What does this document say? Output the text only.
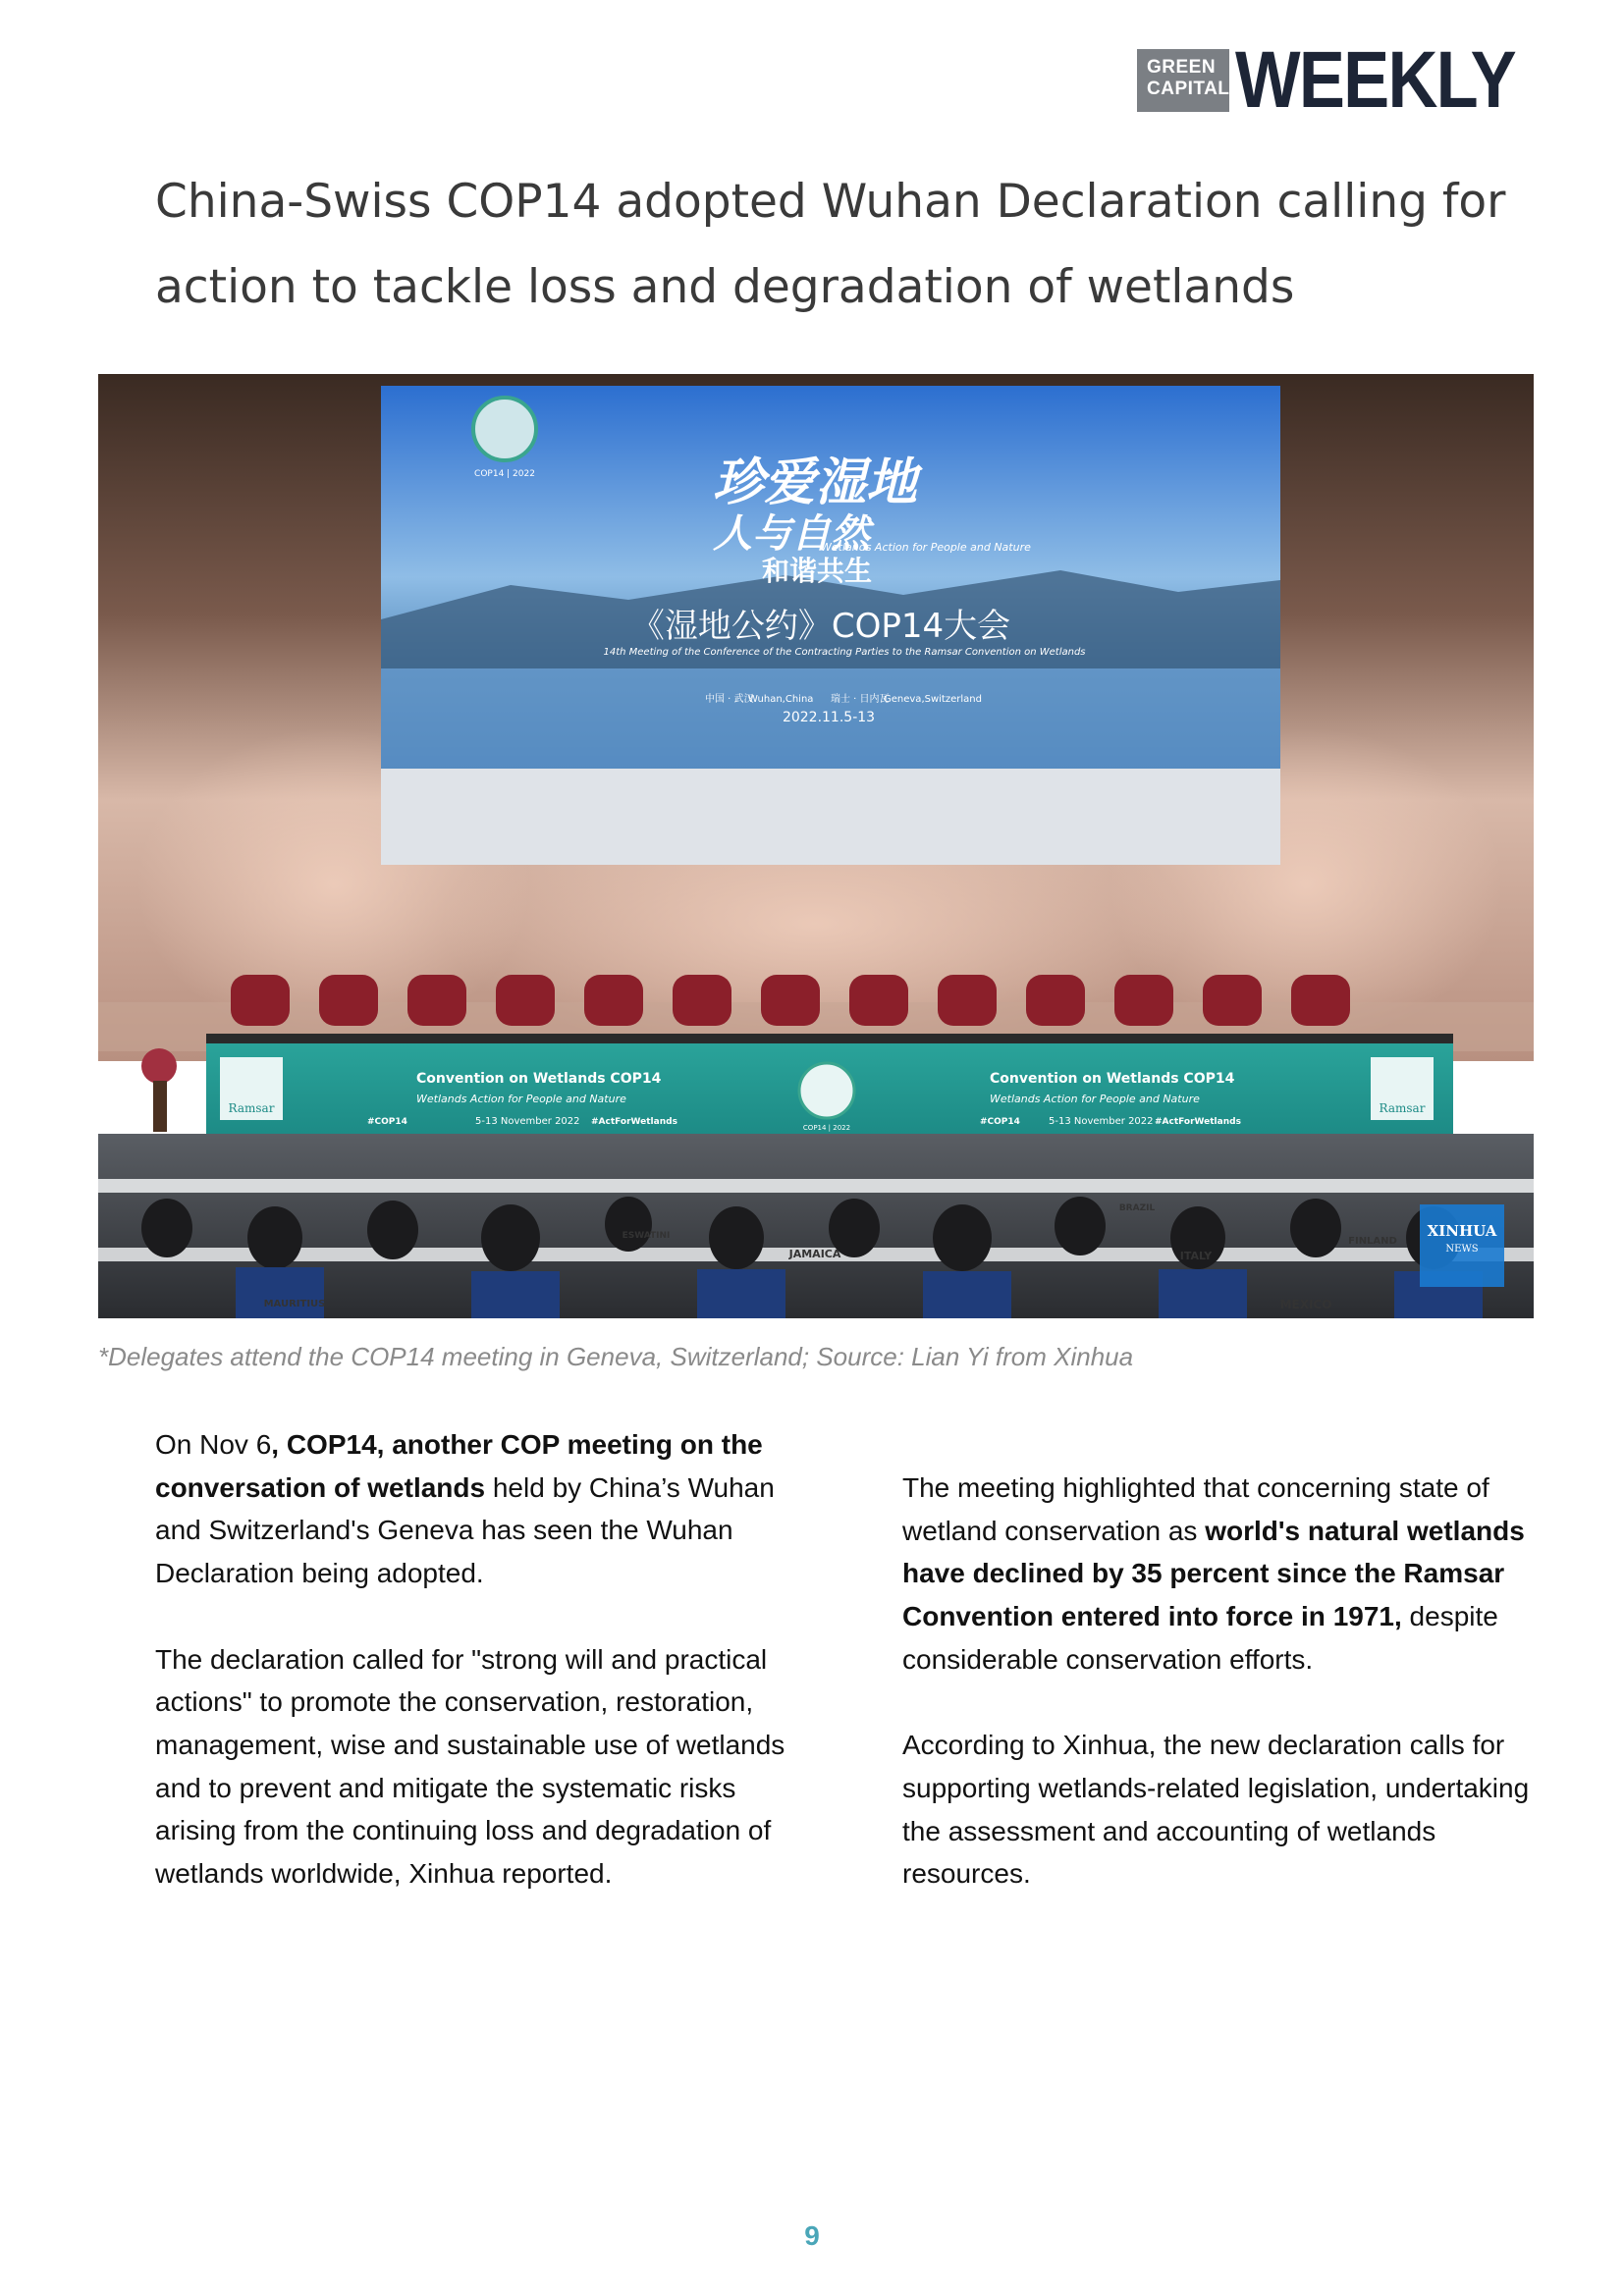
GREEN
CAPITAL WEEKLY
China-Swiss COP14 adopted Wuhan Declaration calling for action to tackle loss and degradation of wetlands
COP14 | 2022	珍爱湿地
人与自然
Wetlands Action for People and Nature
和谐共生
《湿地公约》COP14大会
14th Meeting of the Conference of the Contracting Parties to the Ramsar Convention on Wetlands
中国 · 武汉
Wuhan,China 瑞士 · 日内瓦
Geneva,Switzerland
2022.11.5-13
Ramsar	Ramsar
Convention on Wetlands COP14
Wetlands Action for People and Nature
#COP14	5-13 November 2022 #ActForWetlands
COP14 | 2022
Convention on Wetlands COP14
Wetlands Action for People and Nature
#COP14	5-13 November 2022 #ActForWetlands
JAMAICA	ITALY
FINLAND
MAURITIUS	MEXICO
ESWATINI
BRAZIL
XINHUA
NEWS
*Delegates attend the COP14 meeting in Geneva, Switzerland; Source: Lian Yi from Xinhua

On Nov 6, COP14, another COP meeting on the conversation of wetlands held by China’s Wuhan and Switzerland's Geneva has seen the Wuhan Declaration being adopted.

The declaration called for "strong will and practical actions" to promote the conservation, restoration, management, wise and sustainable use of wetlands and to prevent and mitigate the systematic risks arising from the continuing loss and degradation of wetlands worldwide, Xinhua reported.

The meeting highlighted that concerning state of wetland conservation as world's natural wetlands have declined by 35 percent since the Ramsar Convention entered into force in 1971, despite considerable conservation efforts.

According to Xinhua, the new declaration calls for supporting wetlands-related legislation, undertaking the assessment and accounting of wetlands resources.

9
